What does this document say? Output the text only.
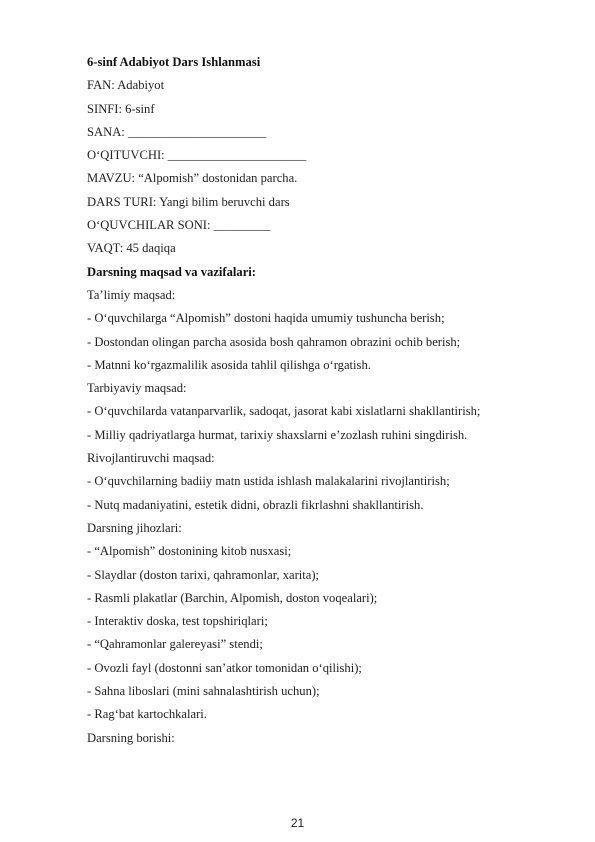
6-sinf Adabiyot Dars Ishlanmasi
FAN: Adabiyot
SINFI: 6-sinf
SANA: ______________________
O‘QITUVCHI: ______________________
MAVZU: “Alpomish” dostonidan parcha.
DARS TURI: Yangi bilim beruvchi dars
O‘QUVCHILAR SONI: _________
VAQT: 45 daqiqa
Darsning maqsad va vazifalari:
Ta’limiy maqsad:
- O‘quvchilarga “Alpomish” dostoni haqida umumiy tushuncha berish;
- Dostondan olingan parcha asosida bosh qahramon obrazini ochib berish;
- Matnni ko‘rgazmalilik asosida tahlil qilishga o‘rgatish.
Tarbiyaviy maqsad:
- O‘quvchilarda vatanparvarlik, sadoqat, jasorat kabi xislatlarni shakllantirish;
- Milliy qadriyatlarga hurmat, tarixiy shaxslarni e’zozlash ruhini singdirish.
Rivojlantiruvchi maqsad:
- O‘quvchilarning badiiy matn ustida ishlash malakalarini rivojlantirish;
- Nutq madaniyatini, estetik didni, obrazli fikrlashni shakllantirish.
Darsning jihozlari:
- “Alpomish” dostonining kitob nusxasi;
- Slaydlar (doston tarixi, qahramonlar, xarita);
- Rasmli plakatlar (Barchin, Alpomish, doston voqealari);
- Interaktiv doska, test topshiriqlari;
- “Qahramonlar galereyasi” stendi;
- Ovozli fayl (dostonni san’atkor tomonidan o‘qilishi);
- Sahna liboslari (mini sahnalashtirish uchun);
- Rag‘bat kartochkalari.
Darsning borishi:
21
